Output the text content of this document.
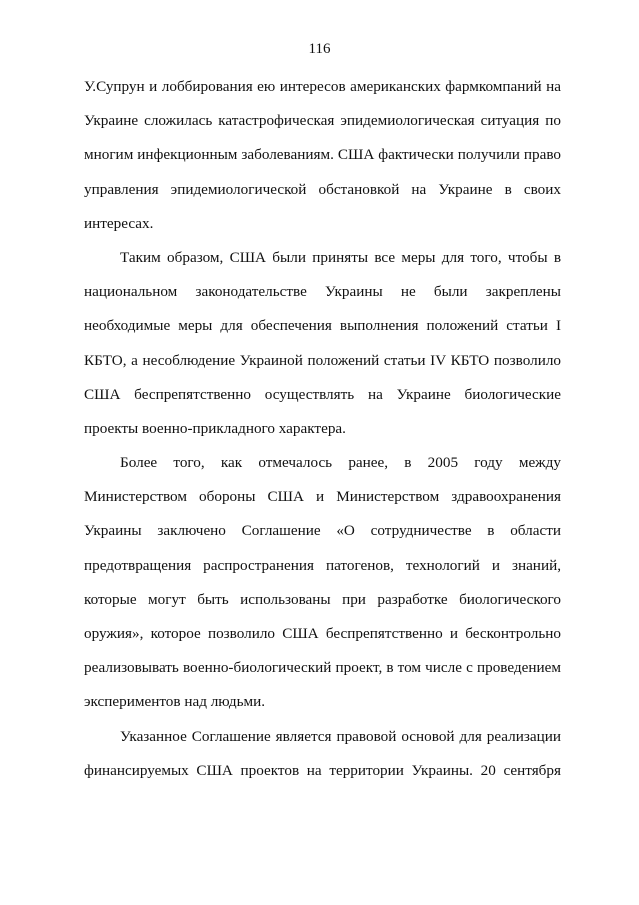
116
У.Супрун и лоббирования ею интересов американских фармкомпаний на
Украине сложилась катастрофическая эпидемиологическая ситуация по
многим инфекционным заболеваниям. США фактически получили право
управления эпидемиологической обстановкой на Украине в своих
интересах.
Таким образом, США были приняты все меры для того, чтобы в
национальном законодательстве Украины не были закреплены
необходимые меры для обеспечения выполнения положений статьи I
КБТО, а несоблюдение Украиной положений статьи IV КБТО позволило
США беспрепятственно осуществлять на Украине биологические
проекты военно-прикладного характера.
Более того, как отмечалось ранее, в 2005 году между
Министерством обороны США и Министерством здравоохранения
Украины заключено Соглашение «О сотрудничестве в области
предотвращения распространения патогенов, технологий и знаний,
которые могут быть использованы при разработке биологического
оружия», которое позволило США беспрепятственно и бесконтрольно
реализовывать военно-биологический проект, в том числе с проведением
экспериментов над людьми.
Указанное Соглашение является правовой основой для реализации
финансируемых США проектов на территории Украины. 20 сентября
